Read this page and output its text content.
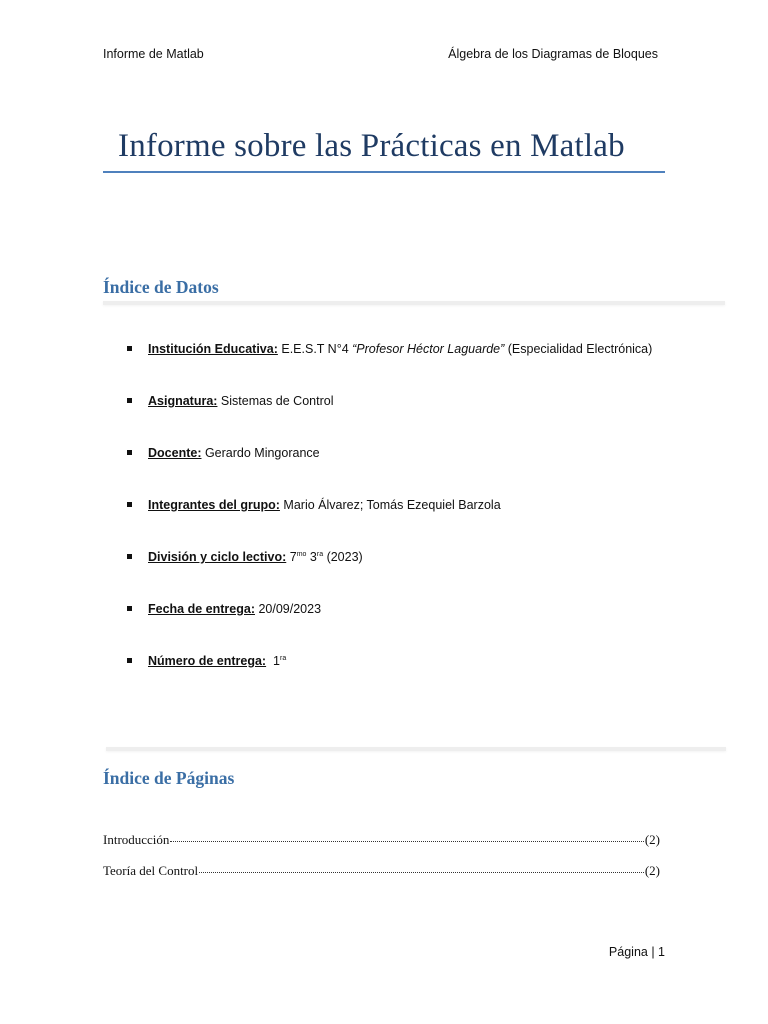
Informe de Matlab	Álgebra de los Diagramas de Bloques
Informe sobre las Prácticas en Matlab
Índice de Datos
Institución Educativa: E.E.S.T N°4 “Profesor Héctor Laguarde” (Especialidad Electrónica)
Asignatura: Sistemas de Control
Docente: Gerardo Mingorance
Integrantes del grupo: Mario Álvarez; Tomás Ezequiel Barzola
División y ciclo lectivo: $7^{mo}$ $3^{ra}$ (2023)
Fecha de entrega: 20/09/2023
Número de entrega:  $1^{ra}$
Índice de Páginas
Introducción	(2)
Teoría del Control	(2)
Página | 1
